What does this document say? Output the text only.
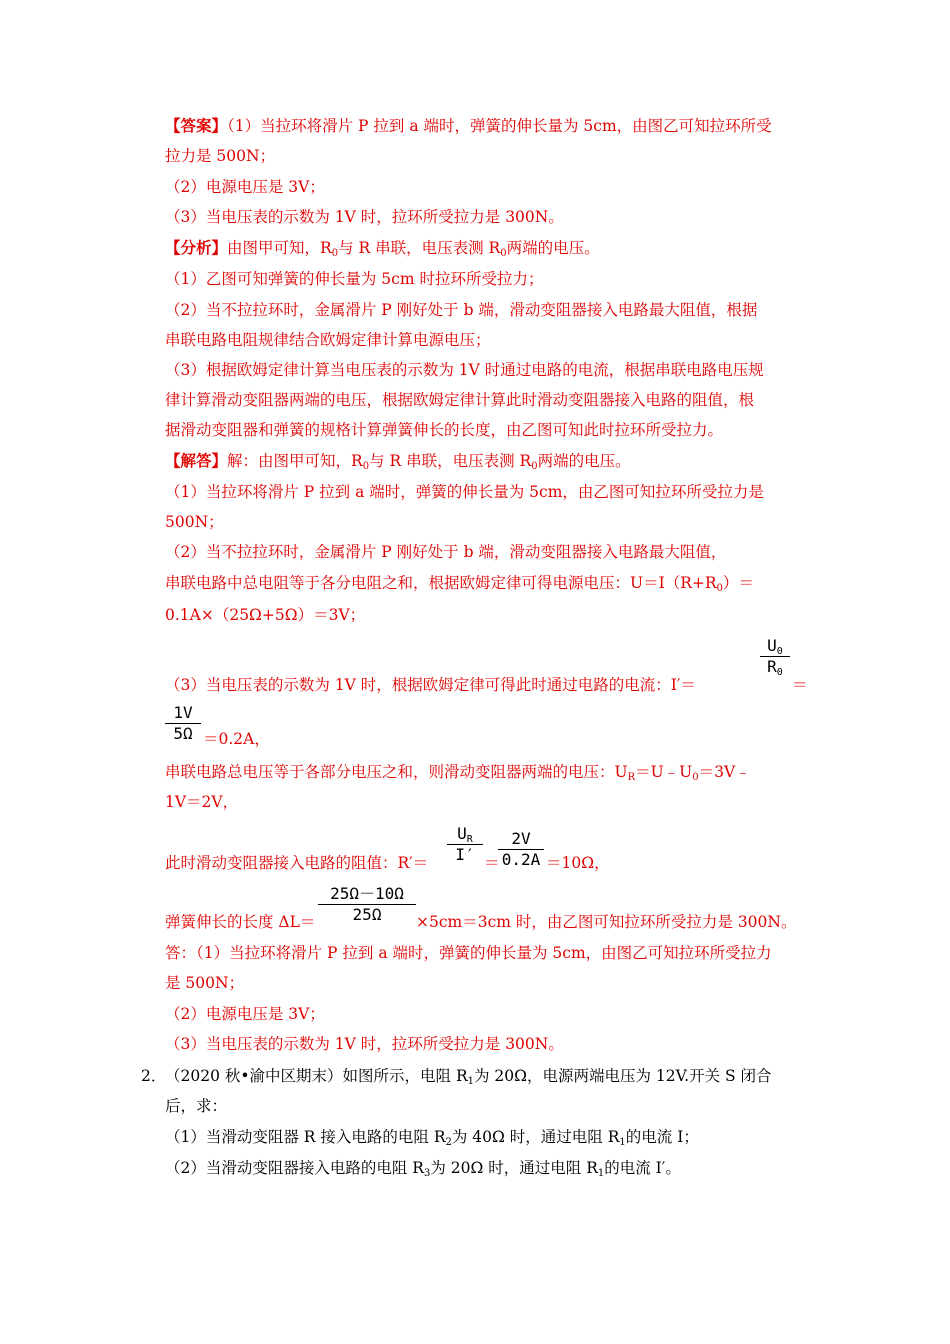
【答案】（1）当拉环将滑片 P 拉到 a 端时，弹簧的伸长量为 5cm，由图乙可知拉环所受
拉力是 500N；
（2）电源电压是 3V；
（3）当电压表的示数为 1V 时，拉环所受拉力是 300N。
【分析】由图甲可知，$R_0$与 R 串联，电压表测 $R_0$两端的电压。
（1）乙图可知弹簧的伸长量为 5cm 时拉环所受拉力；
（2）当不拉拉环时，金属滑片 P 刚好处于 b 端，滑动变阻器接入电路最大阻值，根据
串联电路电阻规律结合欧姆定律计算电源电压；
（3）根据欧姆定律计算当电压表的示数为 1V 时通过电路的电流，根据串联电路电压规
律计算滑动变阻器两端的电压，根据欧姆定律计算此时滑动变阻器接入电路的阻值，根
据滑动变阻器和弹簧的规格计算弹簧伸长的长度，由乙图可知此时拉环所受拉力。
【解答】解：由图甲可知，$R_0$与 R 串联，电压表测 $R_0$两端的电压。
（1）当拉环将滑片 P 拉到 a 端时，弹簧的伸长量为 5cm，由乙图可知拉环所受拉力是
500N；
（2）当不拉拉环时，金属滑片 P 刚好处于 b 端，滑动变阻器接入电路最大阻值，
串联电路中总电阻等于各分电阻之和，根据欧姆定律可得电源电压：$U=I(R+R_0)=$
0.1A×（25Ω+5Ω）＝3V；
（3）当电压表的示数为 1V 时，根据欧姆定律可得此时通过电路的电流：I′＝
$U_0$
$R_0$
＝
1V
5Ω ＝0.2A，
串联电路总电压等于各部分电压之和，则滑动变阻器两端的电压：$U_R=U﹣U_0=3V﹣$
1V＝2V，
此时滑动变阻器接入电路的阻值：R′＝
$U_R$
I′ ＝
2V
0.2A ＝10Ω，
弹簧伸长的长度 ΔL＝
25Ω－10Ω
25Ω	×5cm＝3cm 时，由乙图可知拉环所受拉力是 300N。
答：（1）当拉环将滑片 P 拉到 a 端时，弹簧的伸长量为 5cm，由图乙可知拉环所受拉力
是 500N；
（2）电源电压是 3V；
（3）当电压表的示数为 1V 时，拉环所受拉力是 300N。
2．
（2020 秋•渝中区期末）如图所示，电阻 $R_1$为 20Ω，电源两端电压为 12V.开关 S 闭合
后，求：
（1）当滑动变阻器 R 接入电路的电阻 $R_2$为 40Ω 时，通过电阻 $R_1$的电流 I；
（2）当滑动变阻器接入电路的电阻 $R_3$为 20Ω 时，通过电阻 $R_1$的电流 I′。
